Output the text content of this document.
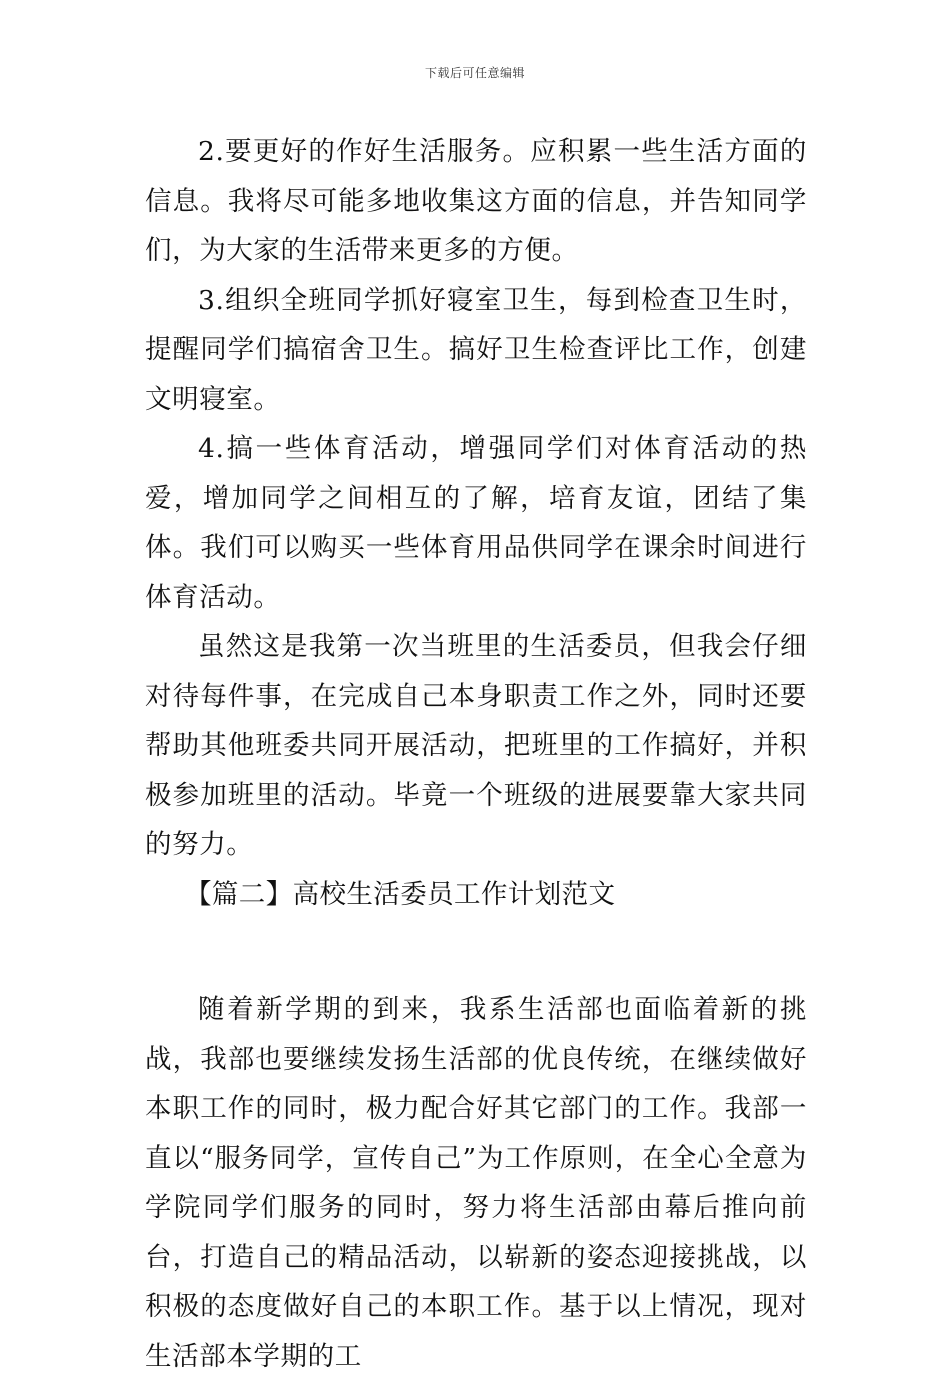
下载后可任意编辑

2.要更好的作好生活服务。应积累一些生活方面的信息。我将尽可能多地收集这方面的信息，并告知同学们，为大家的生活带来更多的方便。

3.组织全班同学抓好寝室卫生，每到检查卫生时，提醒同学们搞宿舍卫生。搞好卫生检查评比工作，创建文明寝室。

4.搞一些体育活动，增强同学们对体育活动的热爱，增加同学之间相互的了解，培育友谊，团结了集体。我们可以购买一些体育用品供同学在课余时间进行体育活动。

虽然这是我第一次当班里的生活委员，但我会仔细对待每件事，在完成自己本身职责工作之外，同时还要帮助其他班委共同开展活动，把班里的工作搞好，并积极参加班里的活动。毕竟一个班级的进展要靠大家共同的努力。

【篇二】高校生活委员工作计划范文

随着新学期的到来，我系生活部也面临着新的挑战，我部也要继续发扬生活部的优良传统，在继续做好本职工作的同时，极力配合好其它部门的工作。我部一直以“服务同学，宣传自己”为工作原则，在全心全意为学院同学们服务的同时，努力将生活部由幕后推向前台，打造自己的精品活动，以崭新的姿态迎接挑战，以积极的态度做好自己的本职工作。基于以上情况，现对生活部本学期的工
